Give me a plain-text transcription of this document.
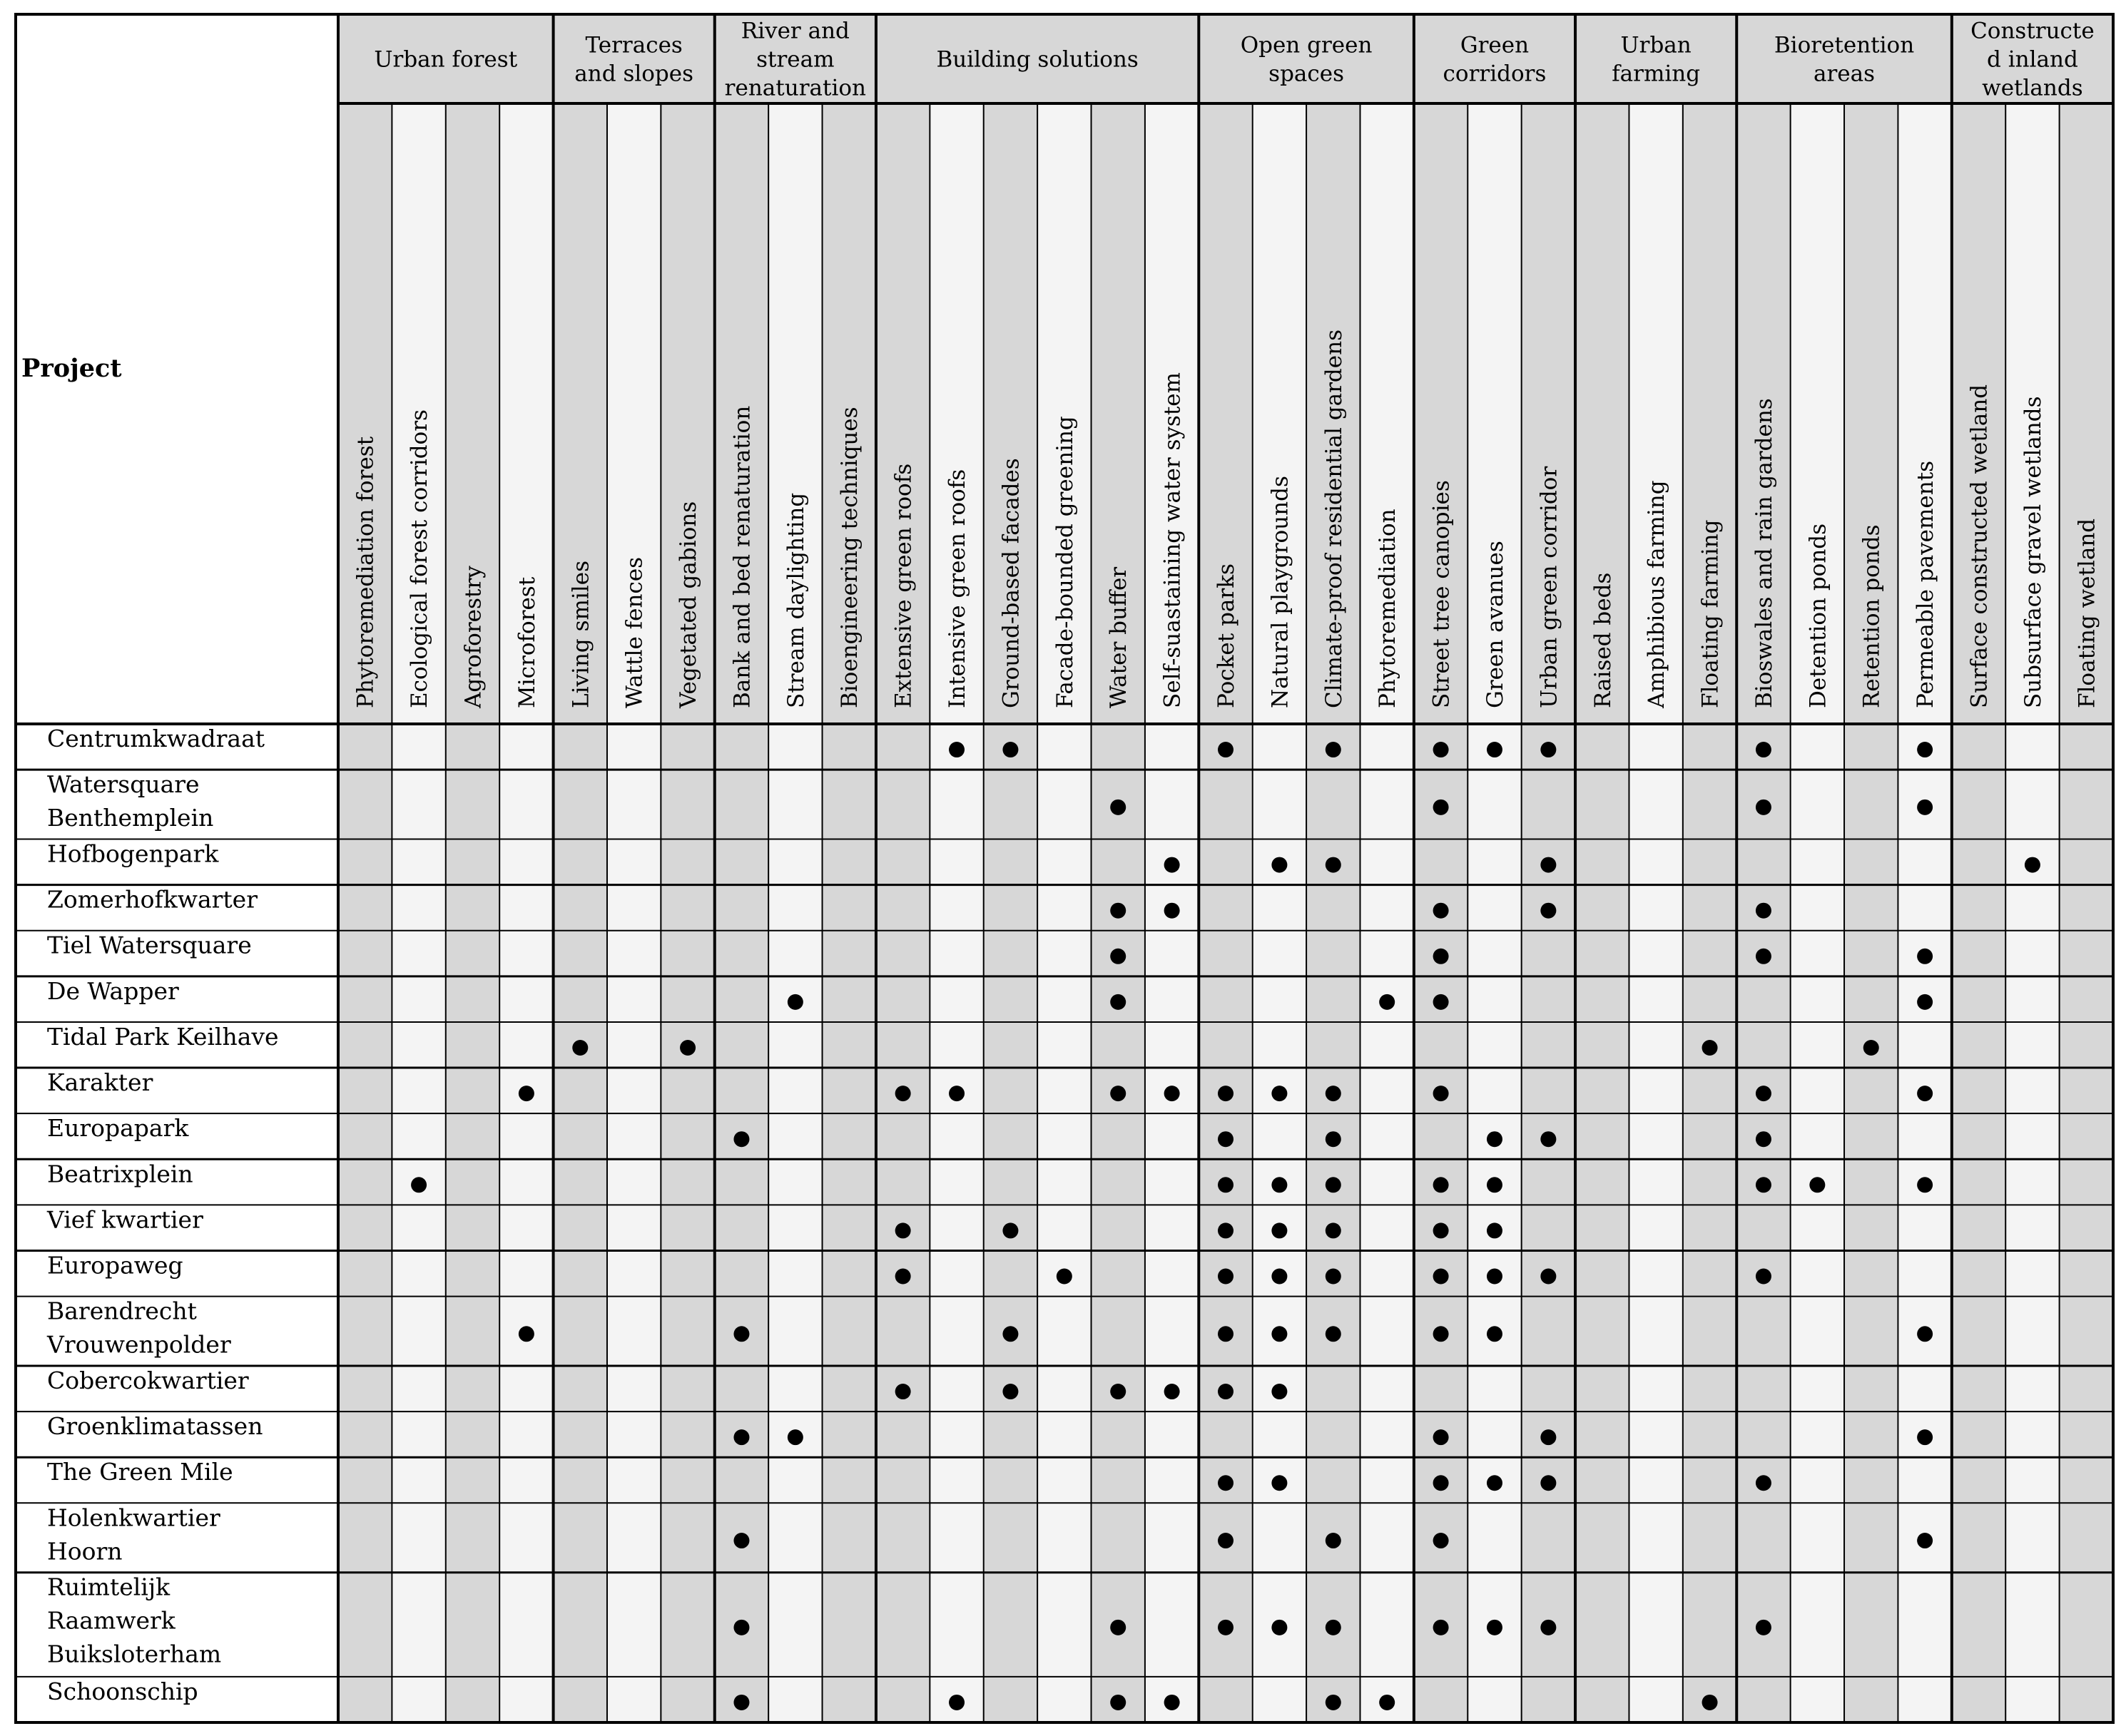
Urban forest
Terraces
and slopes
River and
stream
renaturation
Building solutions
Open green
spaces
Green
corridors
Urban
farming
Bioretention
areas
Constructe
d inland
wetlands
Phytoremediation forest Ecological forest corridors Agroforestry Microforest Living smiles Wattle fences Vegetated gabions Bank and bed renaturation Stream daylighting Bioengineering techniques Extensive green roofs Intensive green roofs Ground-based facades Facade-bounded greening Water buffer Self-suastaining water system Pocket parks Natural playgrounds Climate-proof residential gardens Phytoremediation Street tree canopies Green avanues Urban green corridor Raised beds Amphibious farming Floating farming Bioswales and rain gardens Detention ponds Retention ponds Permeable pavements Surface constructed wetland Subsurface gravel wetlands Floating wetland
Project
Centrumkwadraat
Watersquare
Benthemplein
Hofbogenpark
Zomerhofkwarter
Tiel Watersquare
De Wapper
Tidal Park Keilhave
Karakter
Europapark
Beatrixplein
Vief kwartier
Europaweg
Barendrecht
Vrouwenpolder
Cobercokwartier
Groenklimatassen
The Green Mile
Holenkwartier
Hoorn
Ruimtelijk
Raamwerk
Buiksloterham
Schoonschip
